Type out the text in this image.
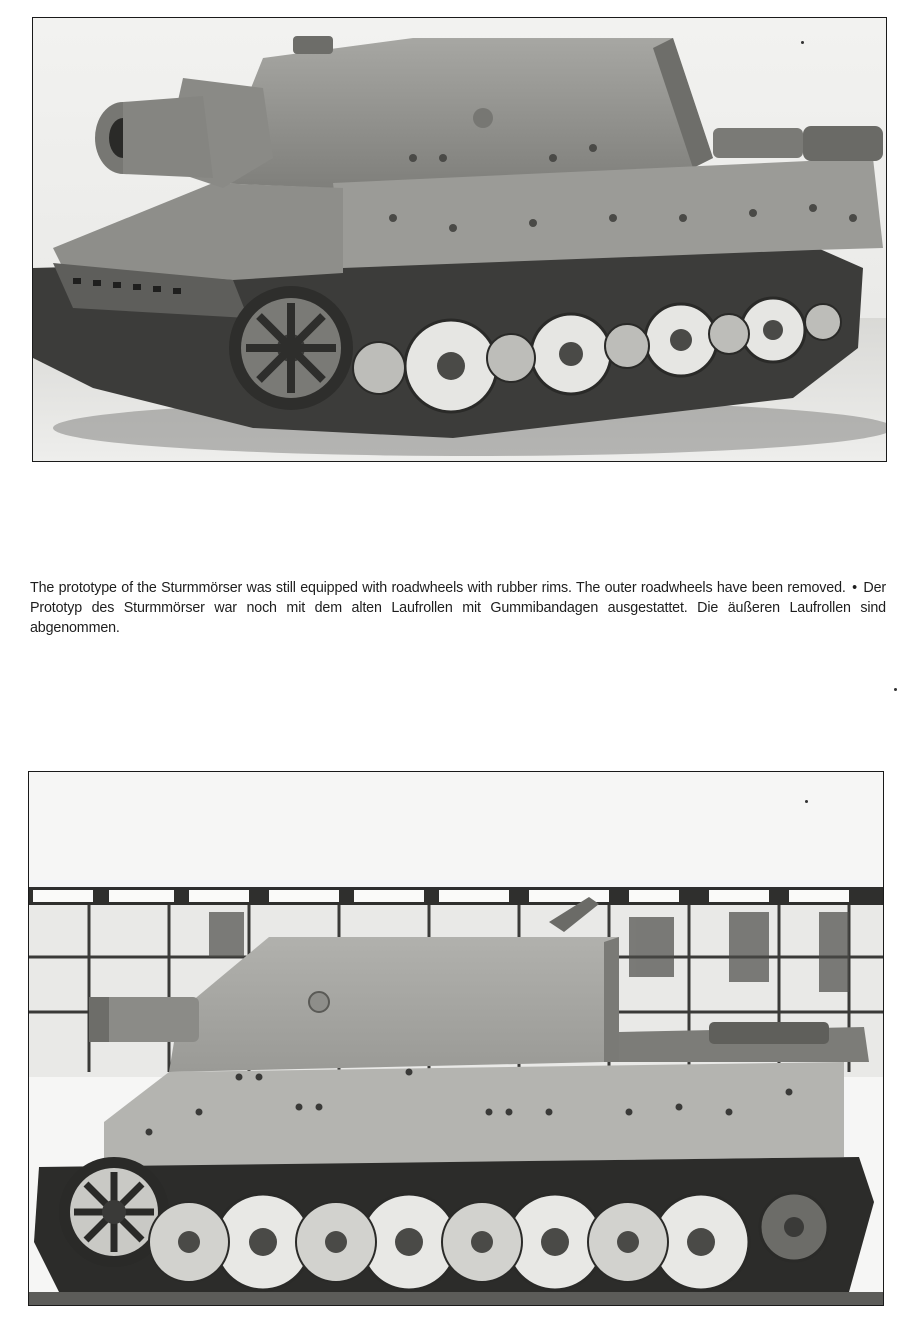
The prototype of the Sturmmörser was still equipped with roadwheels with rubber rims. The outer roadwheels have been removed. • Der Prototyp des Sturmmörser war noch mit dem alten Laufrollen mit Gummibandagen ausgestattet. Die äußeren Laufrollen sind abgenommen.
